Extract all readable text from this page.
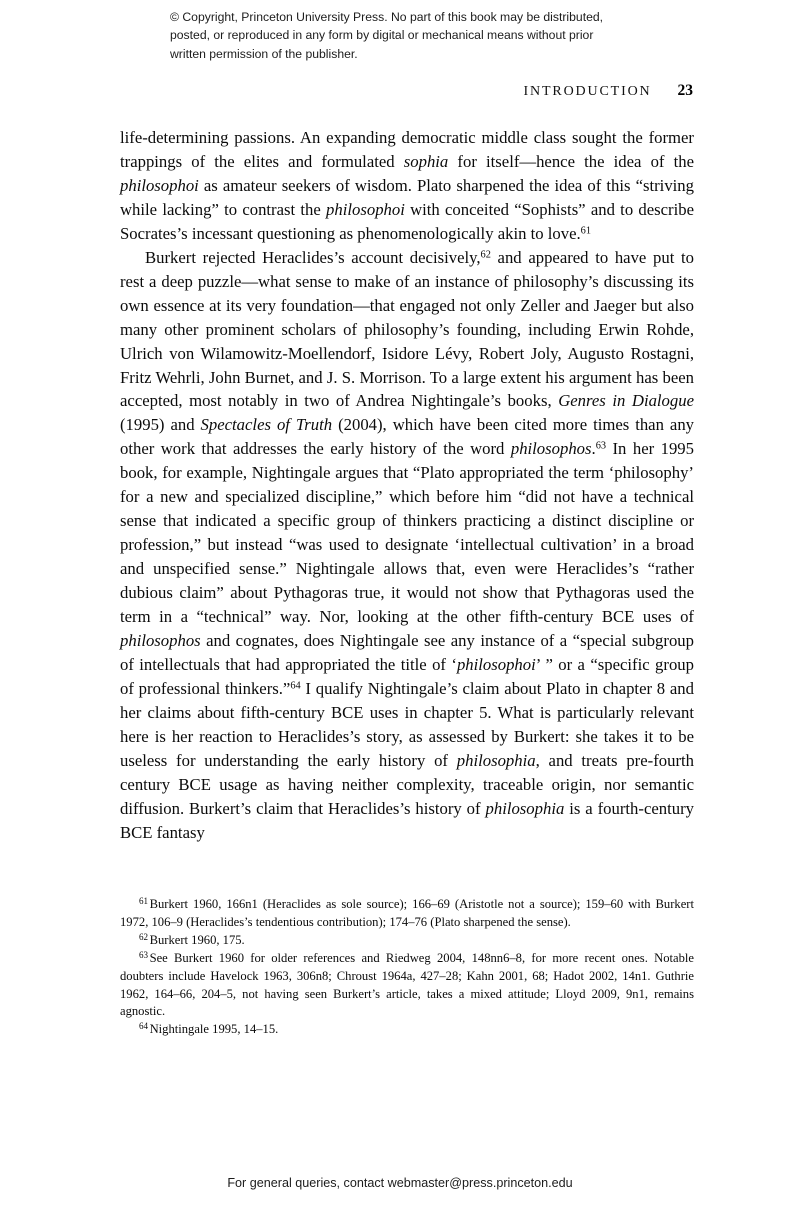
© Copyright, Princeton University Press. No part of this book may be distributed, posted, or reproduced in any form by digital or mechanical means without prior written permission of the publisher.
INTRODUCTION 23

life-determining passions. An expanding democratic middle class sought the former trappings of the elites and formulated sophia for itself—hence the idea of the philosophoi as amateur seekers of wisdom. Plato sharpened the idea of this “striving while lacking” to contrast the philosophoi with conceited “Sophists” and to describe Socrates’s incessant questioning as phenomenologically akin to love.$^{61}$

Burkert rejected Heraclides’s account decisively,$^{62}$ and appeared to have put to rest a deep puzzle—what sense to make of an instance of philosophy’s discussing its own essence at its very foundation—that engaged not only Zeller and Jaeger but also many other prominent scholars of philosophy’s founding, including Erwin Rohde, Ulrich von Wilamowitz-Moellendorf, Isidore Lévy, Robert Joly, Augusto Rostagni, Fritz Wehrli, John Burnet, and J. S. Morrison. To a large extent his argument has been accepted, most notably in two of Andrea Nightingale’s books, Genres in Dialogue (1995) and Spectacles of Truth (2004), which have been cited more times than any other work that addresses the early history of the word philosophos.$^{63}$ In her 1995 book, for example, Nightingale argues that “Plato appropriated the term ‘philosophy’ for a new and specialized discipline,” which before him “did not have a technical sense that indicated a specific group of thinkers practicing a distinct discipline or profession,” but instead “was used to designate ‘intellectual cultivation’ in a broad and unspecified sense.” Nightingale allows that, even were Heraclides’s “rather dubious claim” about Pythagoras true, it would not show that Pythagoras used the term in a “technical” way. Nor, looking at the other fifth-century BCE uses of philosophos and cognates, does Nightingale see any instance of a “special subgroup of intellectuals that had appropriated the title of ‘philosophoi’ ” or a “specific group of professional thinkers.”$^{64}$ I qualify Nightingale’s claim about Plato in chapter 8 and her claims about fifth-century BCE uses in chapter 5. What is particularly relevant here is her reaction to Heraclides’s story, as assessed by Burkert: she takes it to be useless for understanding the early history of philosophia, and treats pre-fourth century BCE usage as having neither complexity, traceable origin, nor semantic diffusion. Burkert’s claim that Heraclides’s history of philosophia is a fourth-century BCE fantasy

$^{61}$ Burkert 1960, 166n1 (Heraclides as sole source); 166–69 (Aristotle not a source); 159–60 with Burkert 1972, 106–9 (Heraclides’s tendentious contribution); 174–76 (Plato sharpened the sense).

$^{62}$ Burkert 1960, 175.

$^{63}$ See Burkert 1960 for older references and Riedweg 2004, 148nn6–8, for more recent ones. Notable doubters include Havelock 1963, 306n8; Chroust 1964a, 427–28; Kahn 2001, 68; Hadot 2002, 14n1. Guthrie 1962, 164–66, 204–5, not having seen Burkert’s article, takes a mixed attitude; Lloyd 2009, 9n1, remains agnostic.

$^{64}$ Nightingale 1995, 14–15.

For general queries, contact webmaster@press.princeton.edu
